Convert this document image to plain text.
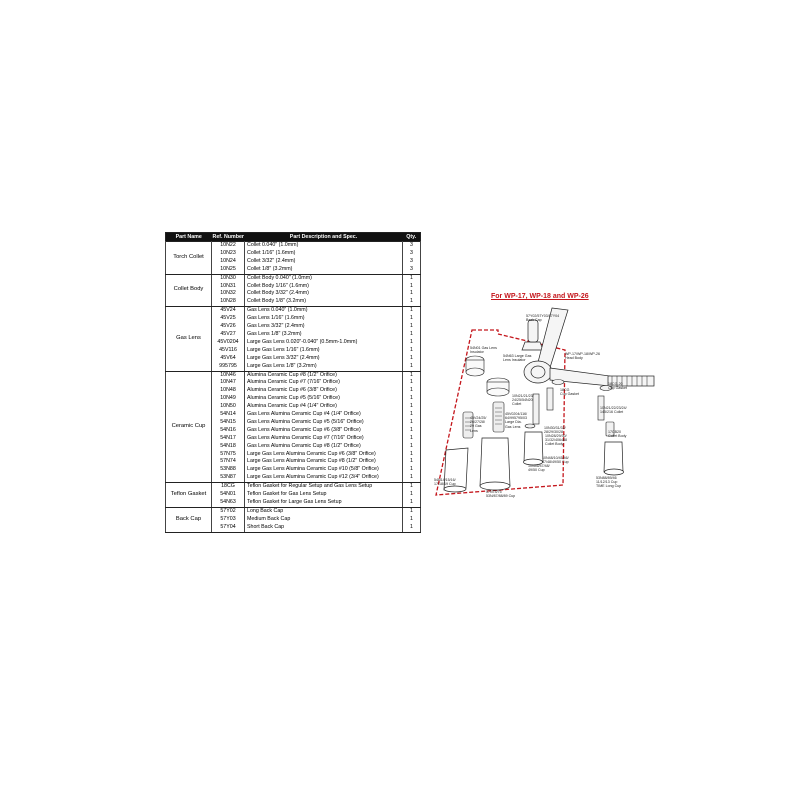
Part Name	Ref. Number	Part Description and Spec.	Qty.
Torch Collet	10N22	Collet 0.040" (1.0mm)	3
	10N23	Collet 1/16" (1.6mm)	3
	10N24	Collet 3/32" (2.4mm)	3
	10N25	Collet 1/8" (3.2mm)	3
Collet Body	10N30	Collet Body 0.040" (1.0mm)	1
	10N31	Collet Body 1/16" (1.6mm)	1
	10N32	Collet Body 3/32" (2.4mm)	1
	10N28	Collet Body 1/8" (3.2mm)	1
Gas Lens	45V24	Gas Lens 0.040" (1.0mm)	1
	45V25	Gas Lens 1/16" (1.6mm)	1
	45V26	Gas Lens 3/32" (2.4mm)	1
	45V27	Gas Lens 1/8" (3.2mm)	1
	45V0204	Large Gas Lens 0.020"-0.040" (0.5mm-1.0mm)	1
	45V116	Large Gas Lens 1/16" (1.6mm)	1
	45V64	Large Gas Lens 3/32" (2.4mm)	1
	995795	Large Gas Lens 1/8" (3.2mm)	1
Ceramic Cup	10N46	Alumina Ceramic Cup #8 (1/2" Orifice)	1
	10N47	Alumina Ceramic Cup #7 (7/16" Orifice)	1
	10N48	Alumina Ceramic Cup #6 (3/8" Orifice)	1
	10N49	Alumina Ceramic Cup #5 (5/16" Orifice)	1
	10N50	Alumina Ceramic Cup #4 (1/4" Orifice)	1
	54N14	Gas Lens Alumina Ceramic Cup #4 (1/4" Orifice)	1
	54N15	Gas Lens Alumina Ceramic Cup #5 (5/16" Orifice)	1
	54N16	Gas Lens Alumina Ceramic Cup #6 (3/8" Orifice)	1
	54N17	Gas Lens Alumina Ceramic Cup #7 (7/16" Orifice)	1
	54N18	Gas Lens Alumina Ceramic Cup #8 (1/2" Orifice)	1
	57N75	Large Gas Lens Alumina Ceramic Cup #6 (3/8" Orifice)	1
	57N74	Large Gas Lens Alumina Ceramic Cup #8 (1/2" Orifice)	1
	53N88	Large Gas Lens Alumina Ceramic Cup #10 (5/8" Orifice)	1
	53N87	Large Gas Lens Alumina Ceramic Cup #12 (3/4" Orifice)	1
Teflon Gasket	18CG	Teflon Gasket for Regular Setup and Gas Lens Setup	1
	54N01	Teflon Gasket for Gas Lens Setup	1
	54N63	Teflon Gasket for Large Gas Lens Setup	1
Back Cap	57Y02	Long Back Cap	1
	57Y03	Medium Back Cap	1
	57Y04	Short Back Cap	1
For WP-17, WP-18 and WP-26
57Y02/57Y03/57Y04
Back Cap
54N01 Gas Lens
Insulator
54N63 Large Gas
Lens Insulator
WP-17/WP-18/WP-26
Head Body
10N21/21/23/
24/25/54N20
Collet
18CG
Cup Gasket
18CG-20
Cup Gasket
45V24/25/
26/27/28/
29 Gas
Lens
45V0204/116/
64/995795/03
Large Dia.
Gas Lens	10N30/31/32/
28/29/30/28
10N28/29/30/
31/32/406488
Collet Body
10N21/22/23/24/
145/216 Collet
17CB20
Collet Body
10N46/47/48/
49/50 Cup
10N48/10/45/46/
47/48/49/50 Cup
53N88/89/46
11/12/13 Cup
TIME Long Cup
54N14/15/16/
17/18/19 Cup
57N74/75
53N/87/88/89 Cup
